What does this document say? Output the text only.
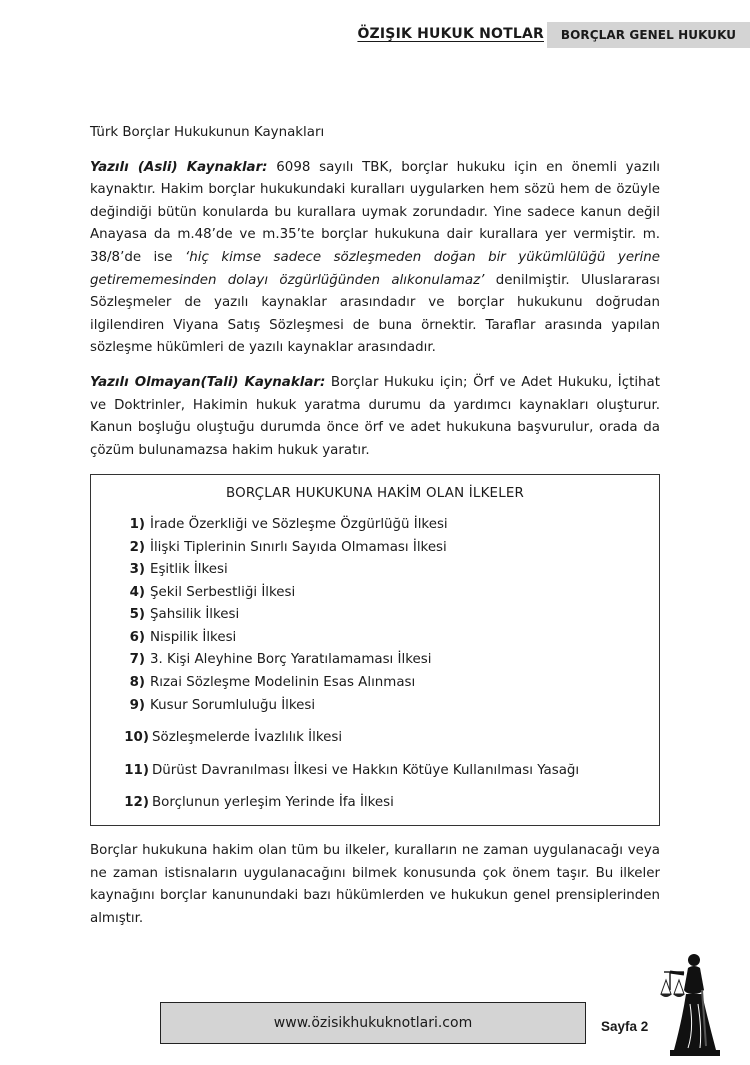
ÖZIŞIK HUKUK NOTLAR	BORÇLAR GENEL HUKUKU
Türk Borçlar Hukukunun Kaynakları

Yazılı (Asli) Kaynaklar: 6098 sayılı TBK, borçlar hukuku için en önemli yazılı kaynaktır. Hakim borçlar hukukundaki kuralları uygularken hem sözü hem de özüyle değindiği bütün konularda bu kurallara uymak zorundadır. Yine sadece kanun değil Anayasa da m.48’de ve m.35’te borçlar hukukuna dair kurallara yer vermiştir. m. 38/8’de ise ‘hiç kimse sadece sözleşmeden doğan bir yükümlülüğü yerine getirememesinden dolayı özgürlüğünden alıkonulamaz’ denilmiştir. Uluslararası Sözleşmeler de yazılı kaynaklar arasındadır ve borçlar hukukunu doğrudan ilgilendiren Viyana Satış Sözleşmesi de buna örnektir. Taraflar arasında yapılan sözleşme hükümleri de yazılı kaynaklar arasındadır.

Yazılı Olmayan(Tali) Kaynaklar: Borçlar Hukuku için; Örf ve Adet Hukuku, İçtihat ve Doktrinler, Hakimin hukuk yaratma durumu da yardımcı kaynakları oluşturur. Kanun boşluğu oluştuğu durumda önce örf ve adet hukukuna başvurulur, orada da çözüm bulunamazsa hakim hukuk yaratır.

BORÇLAR HUKUKUNA HAKİM OLAN İLKELER
1) İrade Özerkliği ve Sözleşme Özgürlüğü İlkesi
2) İlişki Tiplerinin Sınırlı Sayıda Olmaması İlkesi
3) Eşitlik İlkesi
4) Şekil Serbestliği İlkesi
5) Şahsilik İlkesi
6) Nispilik İlkesi
7) 3. Kişi Aleyhine Borç Yaratılamaması İlkesi
8) Rızai Sözleşme Modelinin Esas Alınması
9) Kusur Sorumluluğu İlkesi
10) Sözleşmelerde İvazlılık İlkesi
11) Dürüst Davranılması İlkesi ve Hakkın Kötüye Kullanılması Yasağı
12) Borçlunun yerleşim Yerinde İfa İlkesi

Borçlar hukukuna hakim olan tüm bu ilkeler, kuralların ne zaman uygulanacağı veya ne zaman istisnaların uygulanacağını bilmek konusunda çok önem taşır. Bu ilkeler kaynağını borçlar kanunundaki bazı hükümlerden ve hukukun genel prensiplerinden almıştır.

www.özisikhukuknotlari.com	Sayfa 2
